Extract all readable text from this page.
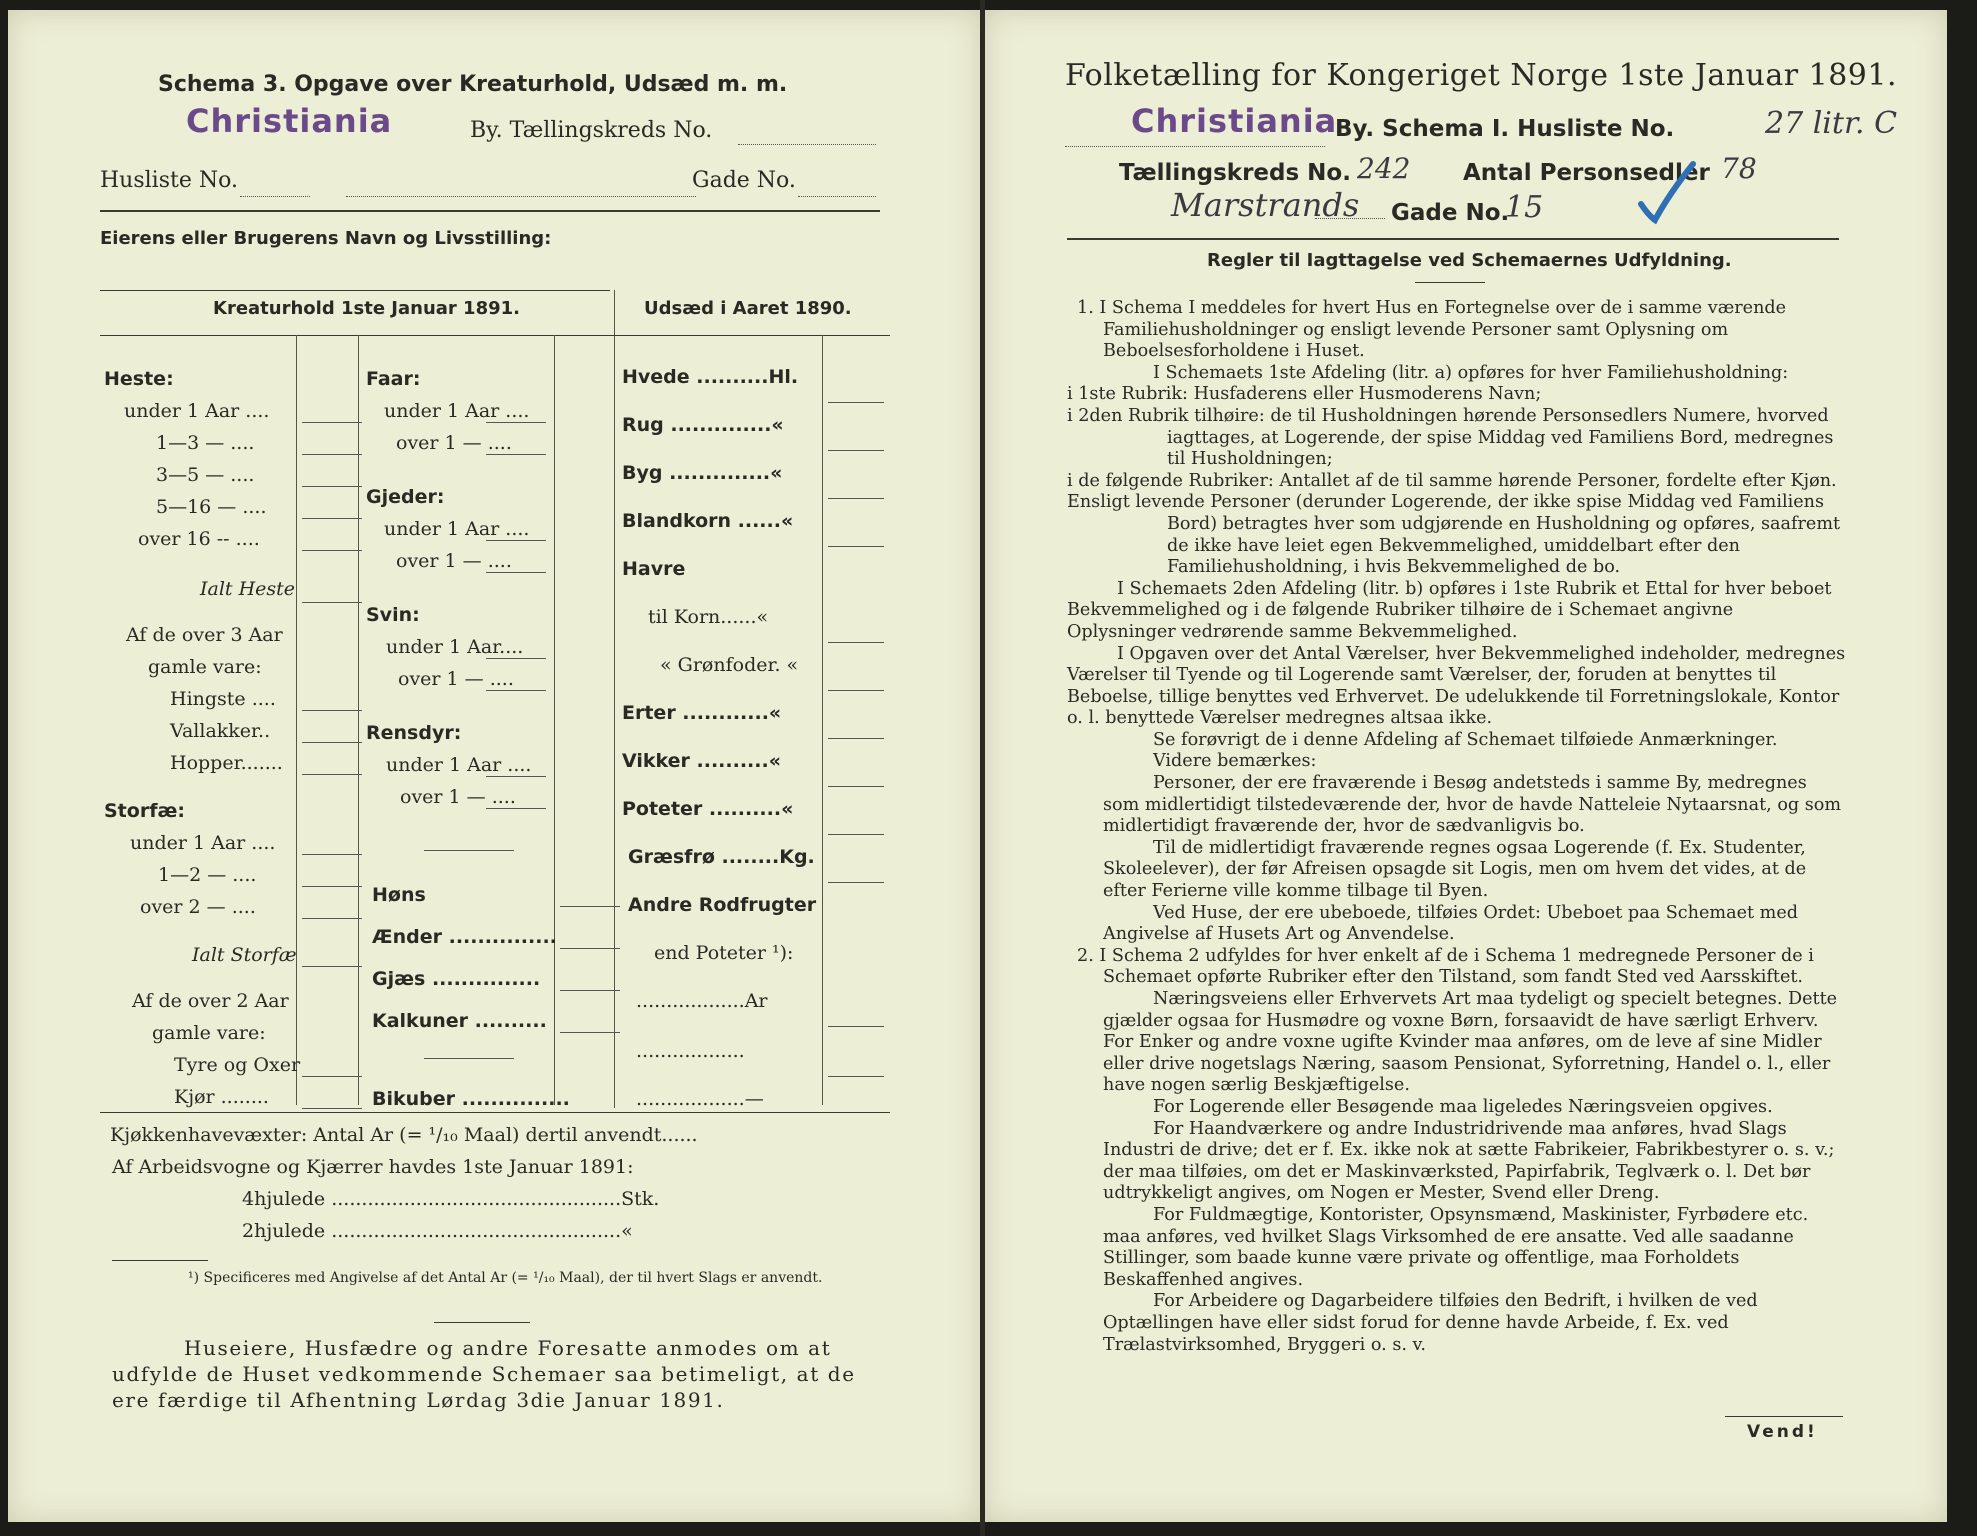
Schema 3. Opgave over Kreaturhold, Udsæd m. m.
Christiania	By. Tællingskreds No.
Husliste No.	Gade No.
Eierens eller Brugerens Navn og Livsstilling:
Kreaturhold 1ste Januar 1891.	Udsæd i Aaret 1890.
Heste:
under 1 Aar ....
1—3 — ....
3—5 — ....
5—16 — ....
over 16 -- ....
Ialt Heste
Af de over 3 Aar
gamle vare:
Hingste ....
Vallakker..
Hopper.......
Storfæ:
under 1 Aar ....
1—2 — ....
over 2 — ....
Ialt Storfæ
Af de over 2 Aar
gamle vare:
Tyre og Oxer
Kjør ........
Faar:
under 1 Aar ....
over 1 — ....
Gjeder:
under 1 Aar ....
over 1 — ....
Svin:
under 1 Aar....
over 1 — ....
Rensdyr:
under 1 Aar ....
over 1 — ....
Høns
Ænder ...............
Gjæs ...............
Kalkuner ..........
Bikuber ...............
Hvede ..........Hl.
Rug ..............«
Byg ..............«
Blandkorn ......«
Havre
til Korn......«
« Grønfoder. «
Erter ............«
Vikker ..........«
Poteter ..........«
Græsfrø ........Kg.
Andre Rodfrugter
end Poteter ¹):
..................Ar
..................
..................—
Kjøkkenhavevæxter: Antal Ar (= ¹/₁₀ Maal) dertil anvendt......
Af Arbeidsvogne og Kjærrer havdes 1ste Januar 1891:
4hjulede ................................................Stk.
2hjulede ................................................«
¹) Specificeres med Angivelse af det Antal Ar (= ¹/₁₀ Maal), der til hvert Slags er anvendt.
Huseiere, Husfædre og andre Foresatte anmodes om at
udfylde de Huset vedkommende Schemaer saa betimeligt, at de
ere færdige til Afhentning Lørdag 3die Januar 1891.
Folketælling for Kongeriget Norge 1ste Januar 1891.
Christiania
By. Schema I. Husliste No.	27 litr. C
Tællingskreds No. 242 Antal Personsedler 78
Marstrands Gade No.
15
Regler til Iagttagelse ved Schemaernes Udfyldning.

1. I Schema I meddeles for hvert Hus en Fortegnelse over de i samme værende Familiehusholdninger og ensligt levende Personer samt Oplysning om Beboelsesforholdene i Huset.

I Schemaets 1ste Afdeling (litr. a) opføres for hver Familiehusholdning:

i 1ste Rubrik: Husfaderens eller Husmoderens Navn;

i 2den Rubrik tilhøire: de til Husholdningen hørende Personsedlers Numere, hvorved iagttages, at Logerende, der spise Middag ved Familiens Bord, medregnes til Husholdningen;

i de følgende Rubriker: Antallet af de til samme hørende Personer, fordelte efter Kjøn.

Ensligt levende Personer (derunder Logerende, der ikke spise Middag ved Familiens Bord) betragtes hver som udgjørende en Husholdning og opføres, saafremt de ikke have leiet egen Bekvemmelighed, umiddelbart efter den Familiehusholdning, i hvis Bekvemmelighed de bo.

I Schemaets 2den Afdeling (litr. b) opføres i 1ste Rubrik et Ettal for hver beboet Bekvemmelighed og i de følgende Rubriker tilhøire de i Schemaet angivne Oplysninger vedrørende samme Bekvemmelighed.

I Opgaven over det Antal Værelser, hver Bekvemmelighed indeholder, medregnes Værelser til Tyende og til Logerende samt Værelser, der, foruden at benyttes til Beboelse, tillige benyttes ved Erhvervet. De udelukkende til Forretningslokale, Kontor o. l. benyttede Værelser medregnes altsaa ikke.

Se forøvrigt de i denne Afdeling af Schemaet tilføiede Anmærkninger.

Videre bemærkes:

Personer, der ere fraværende i Besøg andetsteds i samme By, medregnes som midlertidigt tilstedeværende der, hvor de havde Natteleie Nytaarsnat, og som midlertidigt fraværende der, hvor de sædvanligvis bo.

Til de midlertidigt fraværende regnes ogsaa Logerende (f. Ex. Studenter, Skoleelever), der før Afreisen opsagde sit Logis, men om hvem det vides, at de efter Ferierne ville komme tilbage til Byen.

Ved Huse, der ere ubeboede, tilføies Ordet: Ubeboet paa Schemaet med Angivelse af Husets Art og Anvendelse.

2. I Schema 2 udfyldes for hver enkelt af de i Schema 1 medregnede Personer de i Schemaet opførte Rubriker efter den Tilstand, som fandt Sted ved Aarsskiftet.

Næringsveiens eller Erhvervets Art maa tydeligt og specielt betegnes. Dette gjælder ogsaa for Husmødre og voxne Børn, forsaavidt de have særligt Erhverv. For Enker og andre voxne ugifte Kvinder maa anføres, om de leve af sine Midler eller drive nogetslags Næring, saasom Pensionat, Syforretning, Handel o. l., eller have nogen særlig Beskjæftigelse.

For Logerende eller Besøgende maa ligeledes Næringsveien opgives.

For Haandværkere og andre Industridrivende maa anføres, hvad Slags Industri de drive; det er f. Ex. ikke nok at sætte Fabrikeier, Fabrikbestyrer o. s. v.; der maa tilføies, om det er Maskinværksted, Papirfabrik, Teglværk o. l. Det bør udtrykkeligt angives, om Nogen er Mester, Svend eller Dreng.

For Fuldmægtige, Kontorister, Opsynsmænd, Maskinister, Fyrbødere etc. maa anføres, ved hvilket Slags Virksomhed de ere ansatte. Ved alle saadanne Stillinger, som baade kunne være private og offentlige, maa Forholdets Beskaffenhed angives.

For Arbeidere og Dagarbeidere tilføies den Bedrift, i hvilken de ved Optællingen have eller sidst forud for denne havde Arbeide, f. Ex. ved Trælastvirksomhed, Bryggeri o. s. v.

Vend!
